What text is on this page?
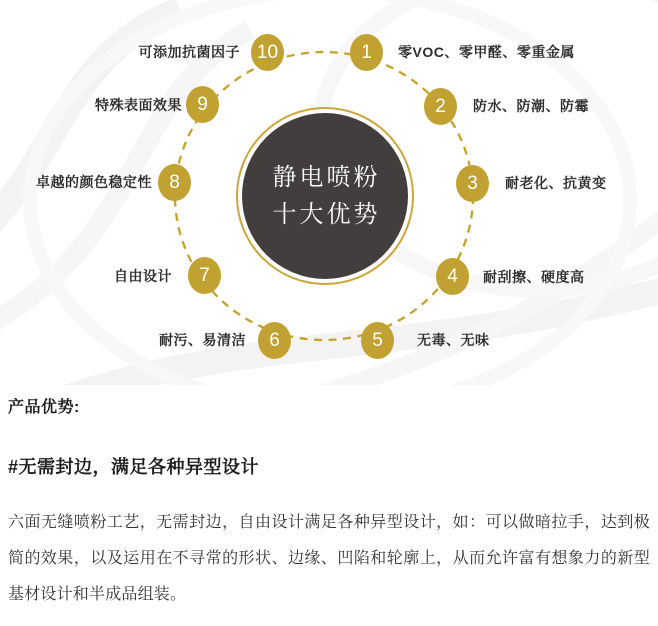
静电喷粉
十大优势
1
2
3
4
5
6
7
8
9
10	零VOC、零甲醛、零重金属
防水、防潮、防霉
耐老化、抗黄变
耐刮擦、硬度高
无毒、无味
耐污、易清洁
自由设计
卓越的颜色稳定性
特殊表面效果
可添加抗菌因子
产品优势:
#无需封边，满足各种异型设计

六面无缝喷粉工艺，无需封边，自由设计满足各种异型设计，如：可以做暗拉手，达到极简的效果，以及运用在不寻常的形状、边缘、凹陷和轮廓上，从而允许富有想象力的新型基材设计和半成品组装。
